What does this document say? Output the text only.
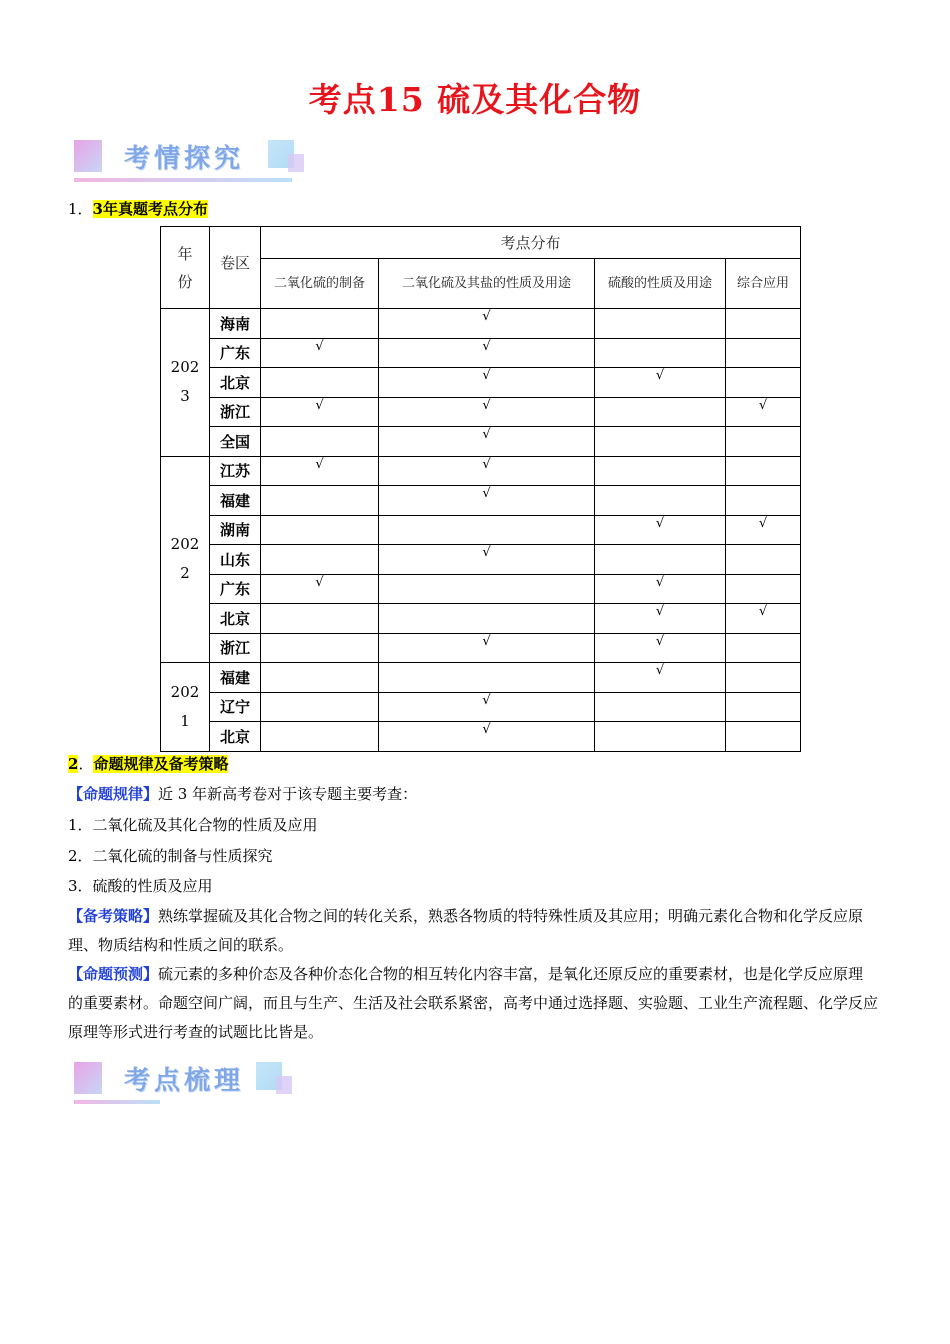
考点15 硫及其化合物
考情探究
1．3年真题考点分布
年份	卷区	考点分布			
		二氧化硫的制备	二氧化硫及其盐的性质及用途	硫酸的性质及用途	综合应用
2023	海南		√		
	广东	√	√		
	北京		√	√	
	浙江	√	√		√
	全国		√		
2022	江苏	√	√		
	福建		√		
	湖南			√	√
	山东		√		
	广东	√		√	
	北京			√	√
	浙江		√	√	
2021	福建			√	
	辽宁		√		
	北京		√		
2．命题规律及备考策略
【命题规律】近 3 年新高考卷对于该专题主要考查：
1．二氧化硫及其化合物的性质及应用
2．二氧化硫的制备与性质探究
3．硫酸的性质及应用
【备考策略】熟练掌握硫及其化合物之间的转化关系，熟悉各物质的特特殊性质及其应用；明确元素化合物和化学反应原理、物质结构和性质之间的联系。
【命题预测】硫元素的多种价态及各种价态化合物的相互转化内容丰富，是氧化还原反应的重要素材，也是化学反应原理的重要素材。命题空间广阔，而且与生产、生活及社会联系紧密，高考中通过选择题、实验题、工业生产流程题、化学反应原理等形式进行考查的试题比比皆是。
考点梳理
